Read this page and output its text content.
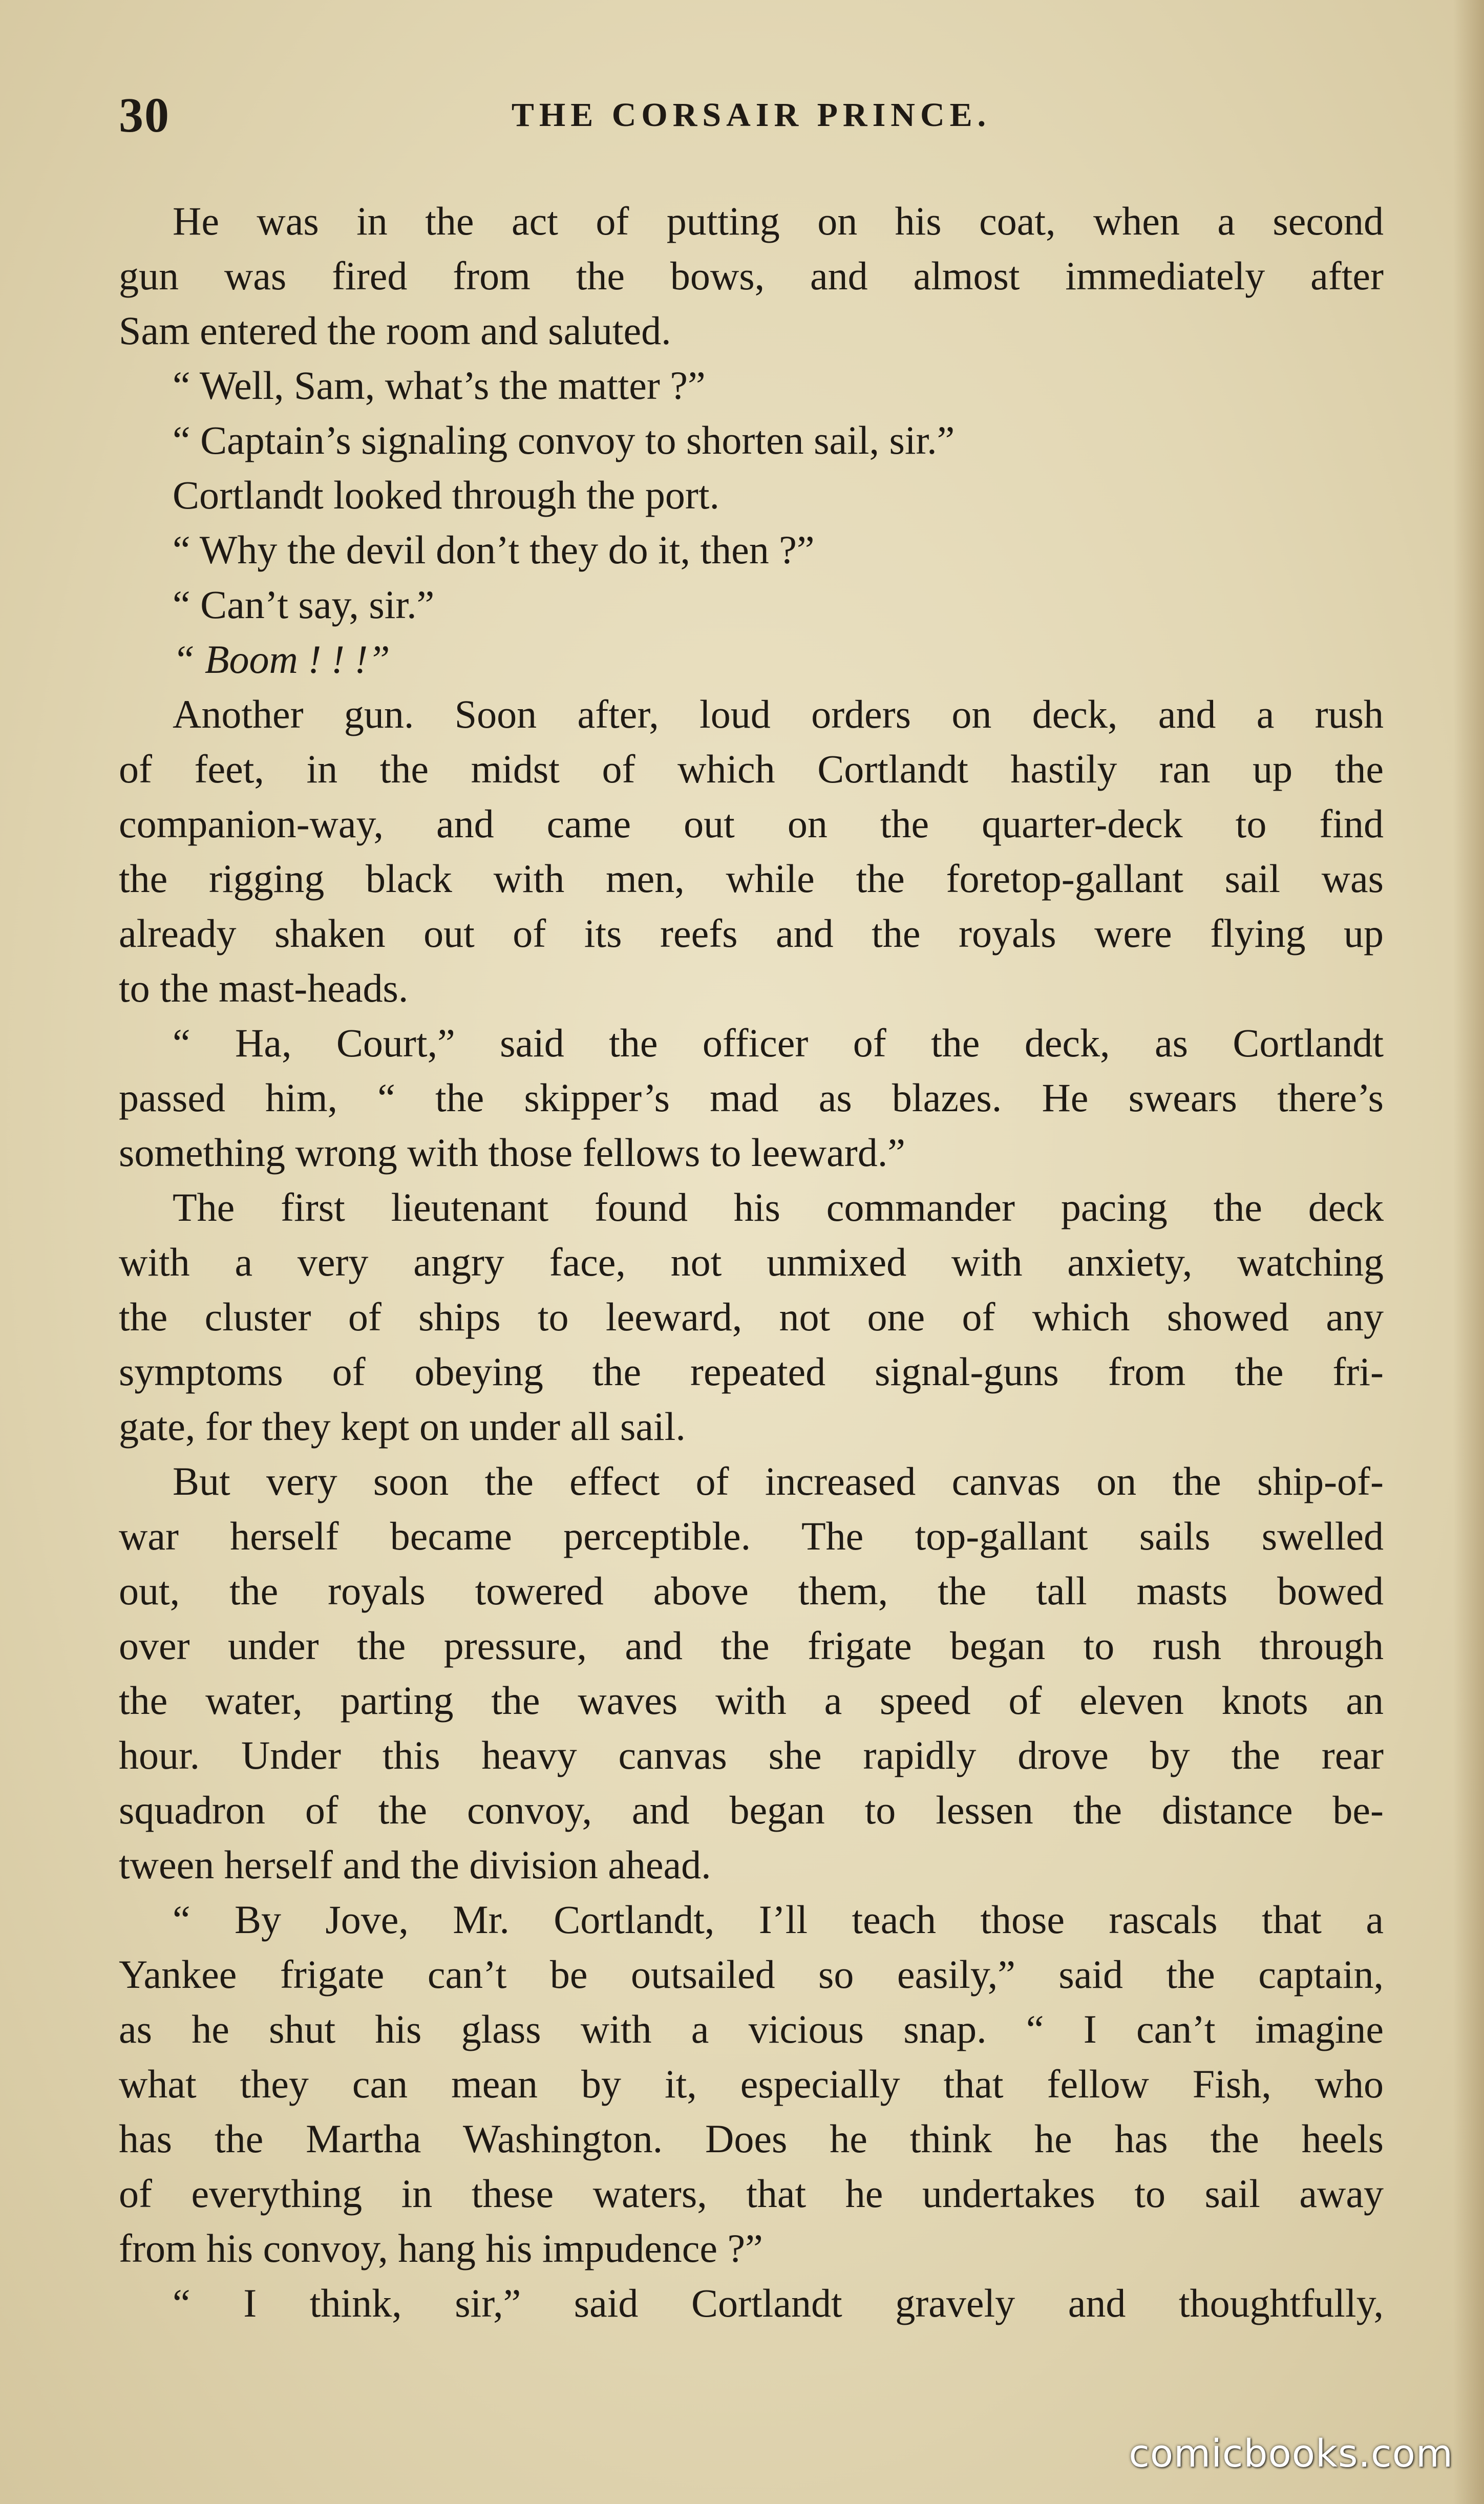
30	THE CORSAIR PRINCE.
He was in the act of putting on his coat, when a second
gun was fired from the bows, and almost immediately after
Sam entered the room and saluted.
“ Well, Sam, what’s the matter ?”
“ Captain’s signaling convoy to shorten sail, sir.”
Cortlandt looked through the port.
“ Why the devil don’t they do it, then ?”
“ Can’t say, sir.”
“ Boom ! ! !”
Another gun. Soon after, loud orders on deck, and a rush
of feet, in the midst of which Cortlandt hastily ran up the
companion-way, and came out on the quarter-deck to find
the rigging black with men, while the foretop-gallant sail was
already shaken out of its reefs and the royals were flying up
to the mast-heads.
“ Ha, Court,” said the officer of the deck, as Cortlandt
passed him, “ the skipper’s mad as blazes. He swears there’s
something wrong with those fellows to leeward.”
The first lieutenant found his commander pacing the deck
with a very angry face, not unmixed with anxiety, watching
the cluster of ships to leeward, not one of which showed any
symptoms of obeying the repeated signal-guns from the fri-
gate, for they kept on under all sail.
But very soon the effect of increased canvas on the ship-of-
war herself became perceptible. The top-gallant sails swelled
out, the royals towered above them, the tall masts bowed
over under the pressure, and the frigate began to rush through
the water, parting the waves with a speed of eleven knots an
hour. Under this heavy canvas she rapidly drove by the rear
squadron of the convoy, and began to lessen the distance be-
tween herself and the division ahead.
“ By Jove, Mr. Cortlandt, I’ll teach those rascals that a
Yankee frigate can’t be outsailed so easily,” said the captain,
as he shut his glass with a vicious snap. “ I can’t imagine
what they can mean by it, especially that fellow Fish, who
has the Martha Washington. Does he think he has the heels
of everything in these waters, that he undertakes to sail away
from his convoy, hang his impudence ?”
“ I think, sir,” said Cortlandt gravely and thoughtfully,
comicbooks.com
